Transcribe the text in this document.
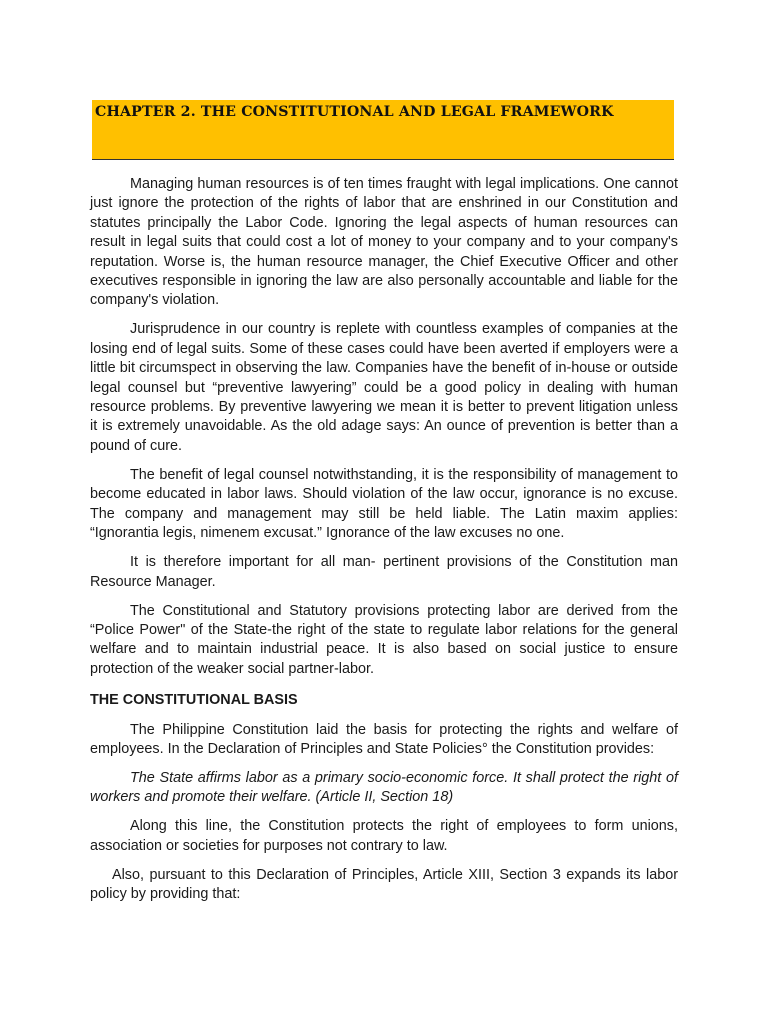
CHAPTER 2. THE CONSTITUTIONAL AND LEGAL FRAMEWORK

Managing human resources is of ten times fraught with legal implications. One cannot just ignore the protection of the rights of labor that are enshrined in our Constitution and statutes principally the Labor Code. Ignoring the legal aspects of human resources can result in legal suits that could cost a lot of money to your company and to your company's reputation. Worse is, the human resource manager, the Chief Executive Officer and other executives responsible in ignoring the law are also personally accountable and liable for the company's violation.

Jurisprudence in our country is replete with countless examples of companies at the losing end of legal suits. Some of these cases could have been averted if employers were a little bit circumspect in observing the law. Companies have the benefit of in-house or outside legal counsel but “preventive lawyering” could be a good policy in dealing with human resource problems. By preventive lawyering we mean it is better to prevent litigation unless it is extremely unavoidable. As the old adage says: An ounce of prevention is better than a pound of cure.

The benefit of legal counsel notwithstanding, it is the responsibility of management to become educated in labor laws. Should violation of the law occur, ignorance is no excuse. The company and management may still be held liable. The Latin maxim applies: “Ignorantia legis, nimenem excusat.” Ignorance of the law excuses no one.

It is therefore important for all man- pertinent provisions of the Constitution man Resource Manager.

The Constitutional and Statutory provisions protecting labor are derived from the “Police Power" of the State-the right of the state to regulate labor relations for the general welfare and to maintain industrial peace. It is also based on social justice to ensure protection of the weaker social partner-labor.

THE CONSTITUTIONAL BASIS

The Philippine Constitution laid the basis for protecting the rights and welfare of employees. In the Declaration of Principles and State Policies° the Constitution provides:

The State affirms labor as a primary socio-economic force. It shall protect the right of workers and promote their welfare. (Article II, Section 18)

Along this line, the Constitution protects the right of employees to form unions, association or societies for purposes not contrary to law.

Also, pursuant to this Declaration of Principles, Article XIII, Section 3 expands its labor policy by providing that:
